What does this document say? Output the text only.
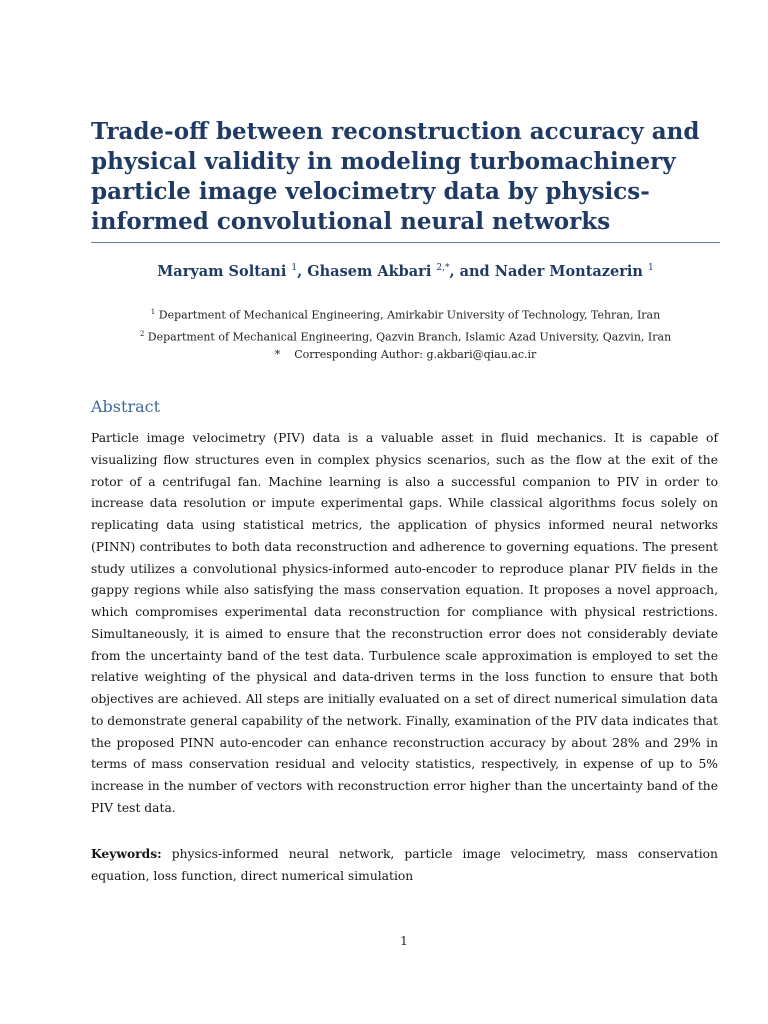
Trade-off between reconstruction accuracy and physical validity in modeling turbomachinery particle image velocimetry data by physics-informed convolutional neural networks
Maryam Soltani $^1$, Ghasem Akbari $^{2,*}$, and Nader Montazerin $^1$
$^1$ Department of Mechanical Engineering, Amirkabir University of Technology, Tehran, Iran
$^2$ Department of Mechanical Engineering, Qazvin Branch, Islamic Azad University, Qazvin, Iran
*    Corresponding Author: g.akbari@qiau.ac.ir
Abstract

Particle image velocimetry (PIV) data is a valuable asset in fluid mechanics. It is capable of visualizing flow structures even in complex physics scenarios, such as the flow at the exit of the rotor of a centrifugal fan. Machine learning is also a successful companion to PIV in order to increase data resolution or impute experimental gaps. While classical algorithms focus solely on replicating data using statistical metrics, the application of physics informed neural networks (PINN) contributes to both data reconstruction and adherence to governing equations. The present study utilizes a convolutional physics-informed auto-encoder to reproduce planar PIV fields in the gappy regions while also satisfying the mass conservation equation. It proposes a novel approach, which compromises experimental data reconstruction for compliance with physical restrictions. Simultaneously, it is aimed to ensure that the reconstruction error does not considerably deviate from the uncertainty band of the test data. Turbulence scale approximation is employed to set the relative weighting of the physical and data-driven terms in the loss function to ensure that both objectives are achieved. All steps are initially evaluated on a set of direct numerical simulation data to demonstrate general capability of the network. Finally, examination of the PIV data indicates that the proposed PINN auto-encoder can enhance reconstruction accuracy by about 28% and 29% in terms of mass conservation residual and velocity statistics, respectively, in expense of up to 5% increase in the number of vectors with reconstruction error higher than the uncertainty band of the PIV test data.

Keywords: physics-informed neural network, particle image velocimetry, mass conservation equation, loss function, direct numerical simulation

1
